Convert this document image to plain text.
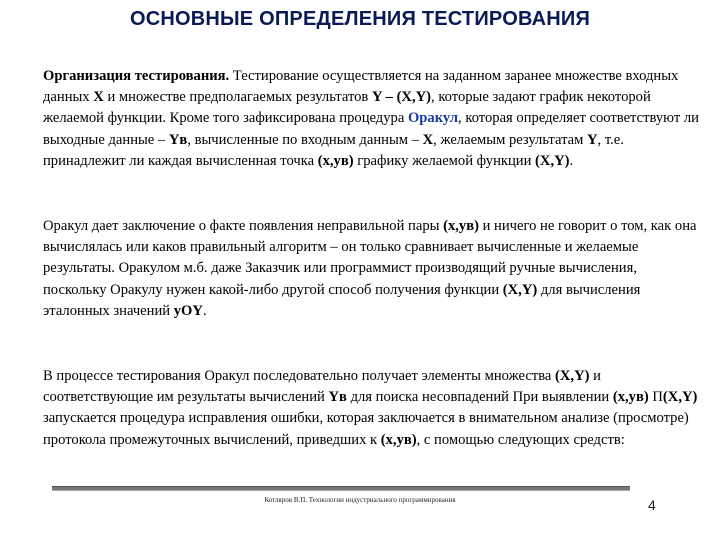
ОСНОВНЫЕ ОПРЕДЕЛЕНИЯ ТЕСТИРОВАНИЯ

Организация тестирования. Тестирование осуществляется на заданном заранее множестве входных данных X и множестве предполагаемых результатов Y – (X,Y), которые задают график некоторой желаемой функции. Кроме того зафиксирована процедура Оракул, которая определяет соответствуют ли выходные данные – Yв, вычисленные по входным данным – X, желаемым результатам Y, т.е. принадлежит ли каждая вычисленная точка (x,yв) графику желаемой функции (X,Y).

Оракул дает заключение о факте появления неправильной пары (x,yв) и ничего не говорит о том, как она вычислялась или каков правильный алгоритм – он только сравнивает вычисленные и желаемые результаты. Оракулом м.б. даже Заказчик или программист производящий ручные вычисления, поскольку Оракулу нужен какой-либо другой способ получения функции (X,Y) для вычисления эталонных значений yOY.

В процессе тестирования Оракул последовательно получает элементы множества (X,Y) и соответствующие им результаты вычислений Yв для поиска несовпадений При выявлении (x,yв) П(X,Y) запускается процедура исправления ошибки, которая заключается в внимательном анализе (просмотре) протокола промежуточных вычислений, приведших к (x,yв), с помощью следующих средств:

Котляров В.П. Технологии индустриального программирования	4
